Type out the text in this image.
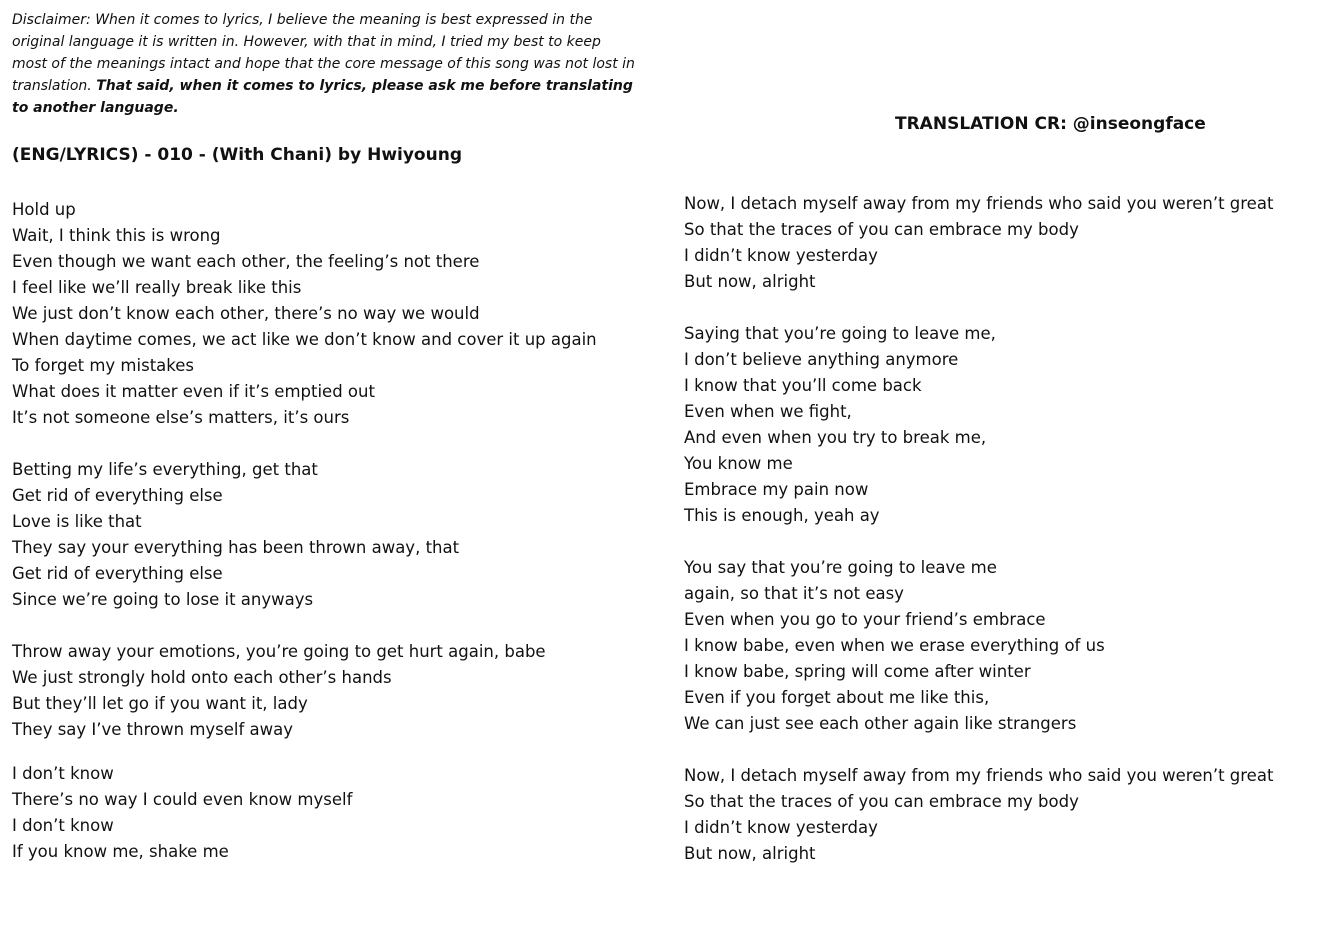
Disclaimer: When it comes to lyrics, I believe the meaning is best expressed in the original language it is written in. However, with that in mind, I tried my best to keep most of the meanings intact and hope that the core message of this song was not lost in translation. That said, when it comes to lyrics, please ask me before translating to another language.

(ENG/LYRICS) - 010 - (With Chani) by Hwiyoung
TRANSLATION CR: @inseongface
Hold up
Wait, I think this is wrong
Even though we want each other, the feeling’s not there
I feel like we’ll really break like this
We just don’t know each other, there’s no way we would
When daytime comes, we act like we don’t know and cover it up again
To forget my mistakes
What does it matter even if it’s emptied out
It’s not someone else’s matters, it’s ours
Betting my life’s everything, get that
Get rid of everything else
Love is like that
They say your everything has been thrown away, that
Get rid of everything else
Since we’re going to lose it anyways
Throw away your emotions, you’re going to get hurt again, babe
We just strongly hold onto each other’s hands
But they’ll let go if you want it, lady
They say I’ve thrown myself away
I don’t know
There’s no way I could even know myself
I don’t know
If you know me, shake me
Now, I detach myself away from my friends who said you weren’t great
So that the traces of you can embrace my body
I didn’t know yesterday
But now, alright
Saying that you’re going to leave me,
I don’t believe anything anymore
I know that you’ll come back
Even when we fight,
And even when you try to break me,
You know me
Embrace my pain now
This is enough, yeah ay
You say that you’re going to leave me
again, so that it’s not easy
Even when you go to your friend’s embrace
I know babe, even when we erase everything of us
I know babe, spring will come after winter
Even if you forget about me like this,
We can just see each other again like strangers
Now, I detach myself away from my friends who said you weren’t great
So that the traces of you can embrace my body
I didn’t know yesterday
But now, alright
